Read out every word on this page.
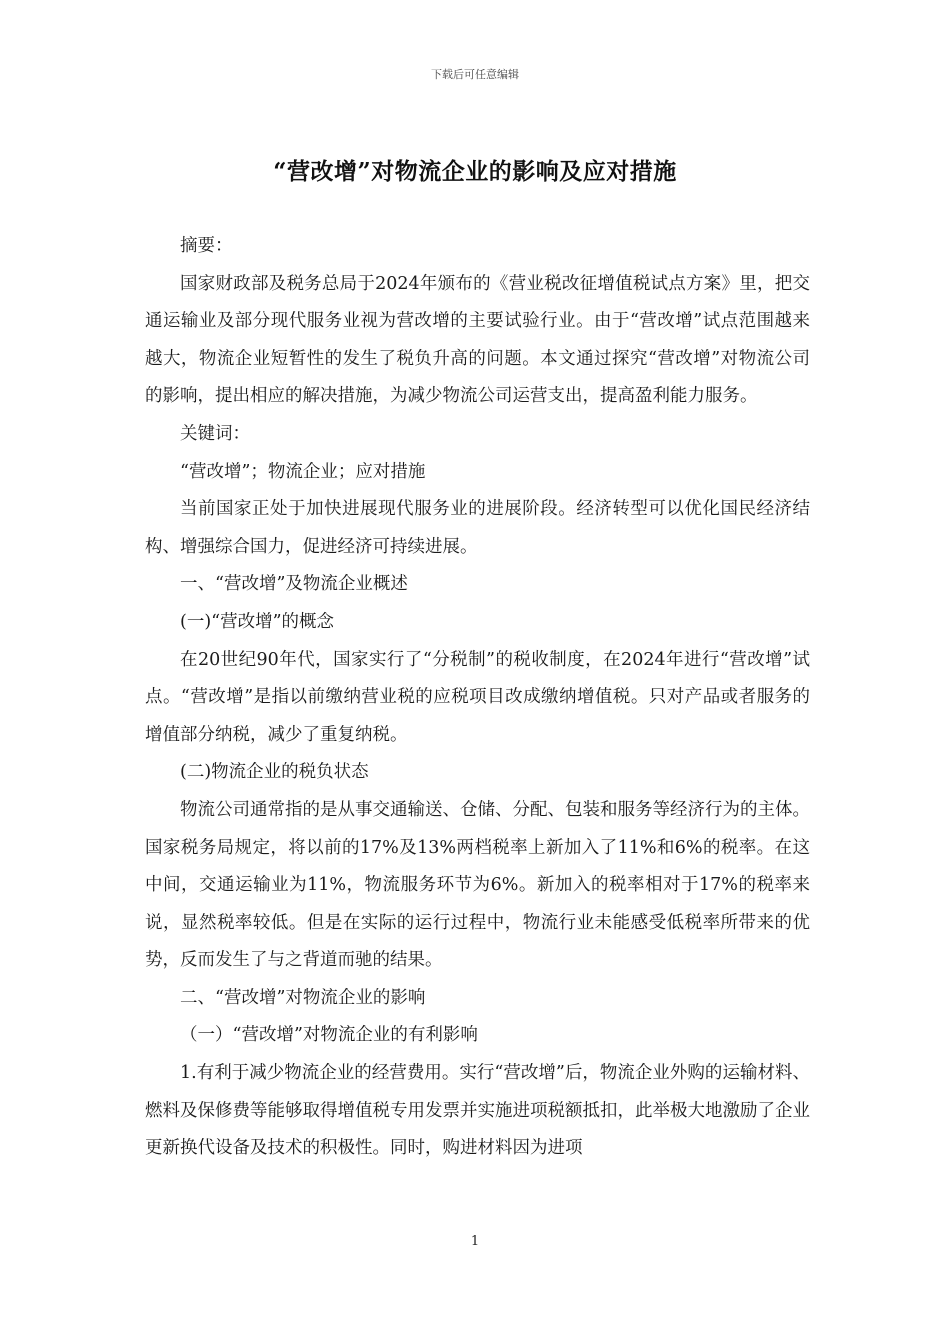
下载后可任意编辑
“营改增”对物流企业的影响及应对措施

摘要：

国家财政部及税务总局于2024年颁布的《营业税改征增值税试点方案》里，把交通运输业及部分现代服务业视为营改增的主要试验行业。由于“营改增”试点范围越来越大，物流企业短暂性的发生了税负升高的问题。本文通过探究“营改增”对物流公司的影响，提出相应的解决措施，为减少物流公司运营支出，提高盈利能力服务。

关键词：

“营改增”；物流企业；应对措施

当前国家正处于加快进展现代服务业的进展阶段。经济转型可以优化国民经济结构、增强综合国力，促进经济可持续进展。

一、“营改增”及物流企业概述

(一)“营改增”的概念

在20世纪90年代，国家实行了“分税制”的税收制度，在2024年进行“营改增”试点。“营改增”是指以前缴纳营业税的应税项目改成缴纳增值税。只对产品或者服务的增值部分纳税，减少了重复纳税。

(二)物流企业的税负状态

物流公司通常指的是从事交通输送、仓储、分配、包装和服务等经济行为的主体。国家税务局规定，将以前的17%及13%两档税率上新加入了11%和6%的税率。在这中间，交通运输业为11%，物流服务环节为6%。新加入的税率相对于17%的税率来说，显然税率较低。但是在实际的运行过程中，物流行业未能感受低税率所带来的优势，反而发生了与之背道而驰的结果。

二、“营改增”对物流企业的影响

（一）“营改增”对物流企业的有利影响

1.有利于减少物流企业的经营费用。实行“营改增”后，物流企业外购的运输材料、燃料及保修费等能够取得增值税专用发票并实施进项税额抵扣，此举极大地激励了企业更新换代设备及技术的积极性。同时，购进材料因为进项

1
